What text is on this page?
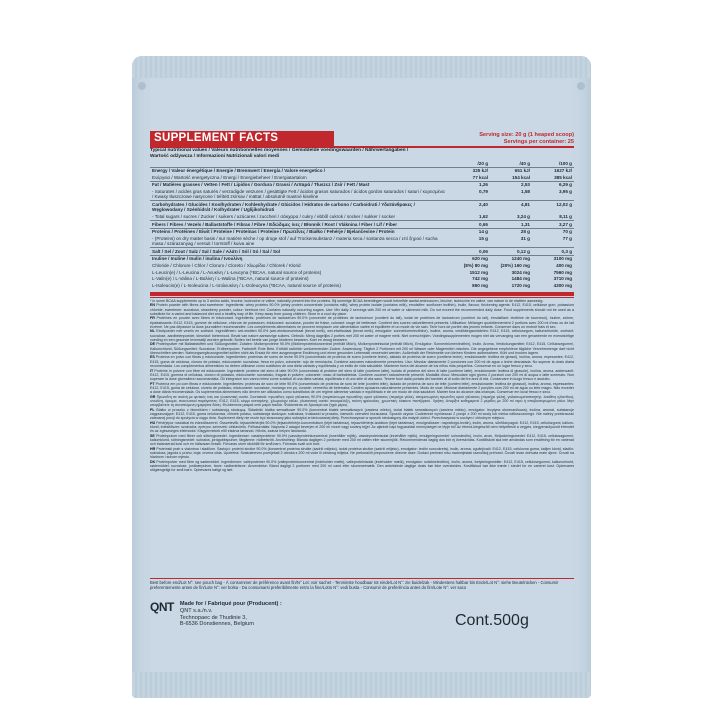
SUPPLEMENT FACTS	Serving size: 20 g (1 heaped scoop)
Servings per container: 25
Typical nutritional values / Valeurs nutritionnelles moyennes / Gemiddelde voedingswaarden / Nährwertangaben /
Wartość odżywcza / Informazioni Nutrizionali valori medi
	/20 g	/40 g	/100 g
Energy / Valeur énergétique / Energie / Brennwert / Energía / Valore energetico /	325 kJ/	651 kJ/	1627 kJ/
Ενέργεια / Wartość energetyczna / Energi / Energiebeheer / Energiatartalom	77 kcal	154 kcal	385 kcal
Fat / Matières grasses / Vetten / Fett / Lipidos / Gordura / Grassi / Λιπαρά / Tłuszcz / Zsír / Fett / Mast	1,26	2,53	6,29 g
- Saturates / acides gras saturés / verzadigde vetzuren / gesättigte Fett / ácidos grasos saturados / ácidos gordos saturados / saturi / κορεσμένα / Kwasy tłuszczowe nasycone / telített zsírsav / mättat / absolutně mastné kiseline	0,79	1,58	3,95 g
Carbohydrates / Glucides / Koolhydraten / Kohlenhydrate / Glúcidos / Hidratos de carbono / Carboidrati / Υδατάνθρακες / Węglowodany / Szénhidrát / Kolhydrater / Uglijikohidrati	2,40	4,81	12,02 g
- Total sugars / sucres / Zucker / suikers / azúcares / zuccheri / σάκχαρα / cukry / ebből cukrok / socker / sukker / socker	1,62	3,24 g	8,11 g
Fibers / Fibres / Vezels / Ballaststoffe / Fibras / Fibre / Εδώδιμες ίνες / Błonnik / Rost / Vláknina / Fiber / Líf / Fiber	0,65	1,31	3,27 g
Proteins / Protéines / Eiwit / Proteine / Proteínas / Proteine / Πρωτεΐνες / Białko / Fehérje / Bjelančevine / Protein	14 g	28 g	70 g
- (Proteins) on dry matter basis / sur matière sèche / op droge stof / auf Trockensubstanz / materia seca / sostanza secca / επί ξηρού / sucha masa / szárazanyag / versuit / torrstoff / kuiva aine	15 g	31 g	77 g
Salt / Sel / Zout / Salz / Sal / Sale / Αλάτι / Sól / Só / Sal / Sol	0,06	0,12 g	0,3 g
Inuline / Inuline / Inulin / inulina / Ινουλίνη	620 mg	1240 mg	3100 mg
Chloride / Chlorure / Chlor / Cloruro / Cloreto / Χλωρίδιο / Chlorek / Klorid	(8%) 80 mg	(20%) 160 mg	400 mg
L-Leucin(e) / L-Leucina / L-Λευκίνη / L-Leucyna (*BCAA, natural source of proteins)	1512 mg	3024 mg	7560 mg
L-Valin(e) / L-Valina / L-Βαλίνη / L-Walina (*BCAA, natural source of proteins)	742 mg	1484 mg	3710 mg
L-Isoleucin(e) / L-Isoleucina / L-Ισολευκίνη / L-Izoleucyna (*BCAA, natural source of proteins)	860 mg	1720 mg	4300 mg
* in some BCAA supplements up to 3 amino acids, leucine, isoleucine or valine, naturally present into the proteins. Bij sommige BCAA-bereidingen wordt hetzelfde aantal aminozuren, leucine, isoleucine en valine, van nature in de eiwitten aanwezig.
EN Protein powder with fibres and sweetener. Ingredients: whey proteins 90.0% (whey protein concentrate (contains milk), whey protein isolate (contains milk), emulsifier: sunflower lecithin), inulin, flavour, thickening agents: E412, E415, cellulose gum, potassium chloride, sweetener: sucralose, strawberry powder, colour: beetroot red. Contains naturally occurring sugars. Use: Mix daily 2 servings with 200 ml of water or skimmed milk. Do not exceed the recommended daily dose. Food supplements should not be used as a substitute for a varied and balanced diet and a healthy way of life. Keep away from young children. Store in a cool dry place.
FR Protéines en poudre avec fibres et édulcorant. Ingrédients: protéines de lactosérum 90.0% (concentré de protéines de lactosérum (contient du lait), isolat de protéines de lactosérum (contient du lait), émulsifiant: lécithine de tournesol), inuline, arôme, épaississants: E412, E415, gomme de cellulose, chlorure de potassium, édulcorant: sucralose, poudre de fraise, colorant: rouge de betterave. Contient des sucres naturellement présents. Utilisation: Mélanger quotidiennement 2 portions avec 200 ml d'eau ou de lait écrémé. Ne pas dépasser la dose journalière recommandée. Les compléments alimentaires ne peuvent remplacer une alimentation variée et équilibrée et un mode de vie sain. Tenir hors de portée des jeunes enfants. Conserver dans un endroit frais et sec.
NL Eiwitpoeder met vezels en zoetstof. Ingrediënten: wei-eiwitten 90.0% (wei-eiwitconcentraat (bevat melk), wei-eiwitisolaat (bevat melk), emulgator: zonnebloemlecithine), inuline, aroma, verdikkingsmiddelen: E412, E415, cellulosegom, kaliumchloride, zoetstof: sucralose, aardbeienpoeder, kleurstof: bietenrood. Bevat van nature aanwezige suikers. Gebruik: Meng dagelijks 2 porties met 200 ml water of magere melk. Niet overschrijden. Voedingssupplementen mogen niet als vervanging van een gevarieerde en evenwichtige voeding en een gezonde levensstijl worden gebruikt. Buiten het bereik van jonge kinderen bewaren. Koel en droog bewaren.
DE Proteinpulver mit Ballaststoffen und Süßungsmittel. Zutaten: Molkenproteine 90.0% (Molkenproteinkonzentrat (enthält Milch), Molkenproteinisolat (enthält Milch), Emulgator: Sonnenblumenlecithin), Inulin, Aroma, Verdickungsmittel: E412, E415, Cellulosegummi, Kaliumchlorid, Süßungsmittel: Sucralose, Erdbeerpulver, Farbstoff: Rote Bete. Enthält natürlich vorkommenden Zucker. Anwendung: Täglich 2 Portionen mit 200 ml Wasser oder Magermilch mischen. Die angegebene empfohlene tägliche Verzehrsmenge darf nicht überschritten werden. Nahrungsergänzungsmittel sollten nicht als Ersatz für eine ausgewogene Ernährung und einen gesunden Lebensstil verwendet werden. Außerhalb der Reichweite von kleinen Kindern aufbewahren. Kühl und trocken lagern.
ES Proteína en polvo con fibras y edulcorante. Ingredientes: proteínas de suero de leche 90.0% (concentrado de proteína de suero (contiene leche), aislado de proteína de suero (contiene leche), emulsionante: lecitina de girasol), inulina, aroma, espesantes: E412, E415, goma de celulosa, cloruro de potasio, edulcorante: sucralosa, fresa en polvo, colorante: rojo de remolacha. Contiene azúcares naturalmente presentes. Uso: Mezclar diariamente 2 porciones con 200 ml de agua o leche desnatada. No superar la dosis diaria recomendada. Los complementos alimenticios no deben utilizarse como sustitutos de una dieta variada y equilibrada y un estilo de vida saludable. Mantener fuera del alcance de los niños más pequeños. Conservar en un lugar fresco y seco.
IT Proteine in polvere con fibre ed edulcorante. Ingredienti: proteine del siero di latte 90.0% (concentrato di proteine del siero di latte (contiene latte), isolato di proteine del siero di latte (contiene latte), emulsionante: lecitina di girasole), inulina, aroma, addensanti: E412, E415, gomma di cellulosa, cloruro di potassio, edulcorante: sucralosio, fragola in polvere, colorante: rosso di barbabietola. Contiene zuccheri naturalmente presenti. Modalità d'uso: Mescolare ogni giorno 2 porzioni con 200 ml di acqua o latte scremato. Non superare la dose giornaliera raccomandata. Gli integratori non vanno intesi come sostituti di una dieta variata, equilibrata e di uno stile di vita sano. Tenere fuori dalla portata dei bambini al di sotto dei tre anni di età. Conservare in luogo fresco e asciutto.
PT Proteína em pó com fibras e edulcorante. Ingredientes: proteínas de soro de leite 90.0% (concentrado de proteína de soro de leite (contém leite), isolado de proteína de soro de leite (contém leite), emulsionante: lecitina de girassol), inulina, aroma, espessantes: E412, E415, goma de celulose, cloreto de potássio, edulcorante: sucralose, morango em pó, corante: vermelho de beterraba. Contém açúcares naturalmente presentes. Modo de usar: Misturar diariamente 2 porções com 200 ml de água ou leite magro. Não exceder a dose diária recomendada. Os suplementos alimentares não devem ser utilizados como substitutos de um regime alimentar variado e equilibrado e de um modo de vida saudável. Manter fora do alcance das crianças. Conservar em local fresco e seco.
GR Πρωτεΐνη σε σκόνη με φυτικές ίνες και γλυκαντική ουσία. Συστατικά: πρωτεΐνες ορού γάλακτος 90.0% (συμπύκνωμα πρωτεΐνης ορού γάλακτος (περιέχει γάλα), απομονωμένη πρωτεΐνη ορού γάλακτος (περιέχει γάλα), γαλακτωματοποιητής: λεκιθίνη ηλίανθου), ινουλίνη, άρωμα, πυκνωτικοί παράγοντες: E412, E415, κόμμι κυτταρίνης, χλωριούχο κάλιο, γλυκαντική ουσία: σουκραλόζη, σκόνη φράουλας, χρωστική: κόκκινο παντζαριού. Χρήση: Αναμίξτε καθημερινά 2 μερίδες με 200 ml νερό ή αποβουτυρωμένο γάλα. Μην υπερβαίνετε τη συνιστώμενη ημερήσια δόση. Φυλάσσεται μακριά από μικρά παιδιά. Φυλάσσεται σε δροσερό και ξηρό μέρος.
PL Białko w proszku z błonnikiem i substancją słodzącą. Składniki: białka serwatkowe 90.0% (koncentrat białek serwatkowych (zawiera mleko), izolat białek serwatkowych (zawiera mleko), emulgator: lecytyna słonecznikowa), inulina, aromat, substancje zagęszczające: E412, E415, guma celulozowa, chlorek potasu, substancja słodząca: sukraloza, truskawki w proszku, barwnik: czerwień buraczana. Sposób użycia: Codziennie wymieszać 2 porcje z 200 ml wody lub mleka odtłuszczonego. Nie należy przekraczać zalecanej porcji do spożycia w ciągu dnia. Suplement diety nie może być stosowany jako substytut zróżnicowanej diety. Przechowywać w sposób niedostępny dla małych dzieci. Przechowywać w suchym i chłodnym miejscu.
HU Fehérjepor rostokkal és édesítőszerrel. Összetevők: tejsavófehérjék 90.0% (tejsavófehérje-koncentrátum (tejet tartalmaz), tejsavófehérje-izolátum (tejet tartalmaz), emulgeálószer: napraforgó-lecitin), inulin, aroma, sűrítőanyagok: E412, E415, cellulózgumi, kálium-klorid, édesítőszer: szukralóz, eperpor, színezék: céklavörös. Felhasználás: Naponta 2 adagot keverjen el 200 ml vízzel vagy sovány tejjel. Az ajánlott napi fogyasztási mennyiséget ne lépje túl! Az étrend-kiegészítő nem helyettesíti a vegyes, kiegyensúlyozott étrendet és az egészséges életmódot. Kisgyermekek elől elzárva tartandó. Hűvös, száraz helyen tárolandó.
SE Proteinpulver med fibrer och sötningsmedel. Ingredienser: vassleproteiner 90.0% (vassleproteinkoncentrat (innehåller mjölk), vassleproteinisolat (innehåller mjölk), emulgeringsmedel: solroslecitin), inulin, arom, förtjockningsmedel: E412, E415, cellulosagummi, kaliumklorid, sötningsmedel: sukralos, jordgubbspulver, färgämne: rödbetsrött. Användning: Blanda dagligen 2 portioner med 200 ml vatten eller skummjölk. Rekommenderad daglig dos bör ej överskridas. Kosttillskott ska inte användas som ersättning för en varierad och balanserad kost och en hälsosam livsstil. Förvaras utom räckhåll för små barn. Förvaras svalt och torrt.
HR Proteinski prah s vlaknima i sladilom. Sastojci: proteini sirutke 90.0% (koncentrat proteina sirutke (sadrži mlijeko), izolat proteina sirutke (sadrži mlijeko), emulgator: lecitin suncokreta), inulin, aroma, zgušnjivači: E412, E415, celulozna guma, kalijev klorid, sladilo: sukraloza, jagoda u prahu, boja: crvena cikla. Upotreba: Svakodnevno pomiješati 2 obroka s 200 ml vode ili obranog mlijeka. Ne prekoračiti preporučene dnevne doze. Dodaci prehrani nisu nadomjestak raznolikoj prehrani. Čuvati izvan dohvata male djece. Čuvati na hladnom i suhom mjestu.
DK Proteinpulver med fibre og sødemiddel. Ingredienser: valleproteiner 90.0% (valleproteinkoncentrat (indeholder mælk), valleproteinisolat (indeholder mælk), emulgator: solsikkelecithin), inulin, aroma, fortykningsmidler: E412, E415, cellulosegummi, kaliumchlorid, sødemiddel: sucralose, jordbærpulver, farve: rødbedefarve. Anvendelse: Bland dagligt 2 portioner med 200 ml vand eller skummetmælk. Den anbefalede daglige dosis bør ikke overskrides. Kosttilskud bør ikke træde i stedet for en varieret kost. Opbevares utilgængeligt for små børn. Opbevares køligt og tørt.
Best before end/Lot N°: see pouch bag - À consommer de préférence avant fin/N° Lot: voir sachet - Tenminste houdbaar tot einde/Lot N°: zie buidelzak - Mindestens haltbar bis Ende/Lot N°: siehe Beutelrücken - Consumir preferentemente antes de fin/Lote N°: ver bolsa - Da consumarsi preferibilmente entro la fine/Lotto N°: vedi busta - Consumir de preferência antes do fim/Lote N°: ver saco
QNT Made for / Fabriqué pour (Producent) :
QNT s.a./n.v.
Technopaec de Thudinie 3,
B-6536 Donstiennes, Belgium	Cont.500g
